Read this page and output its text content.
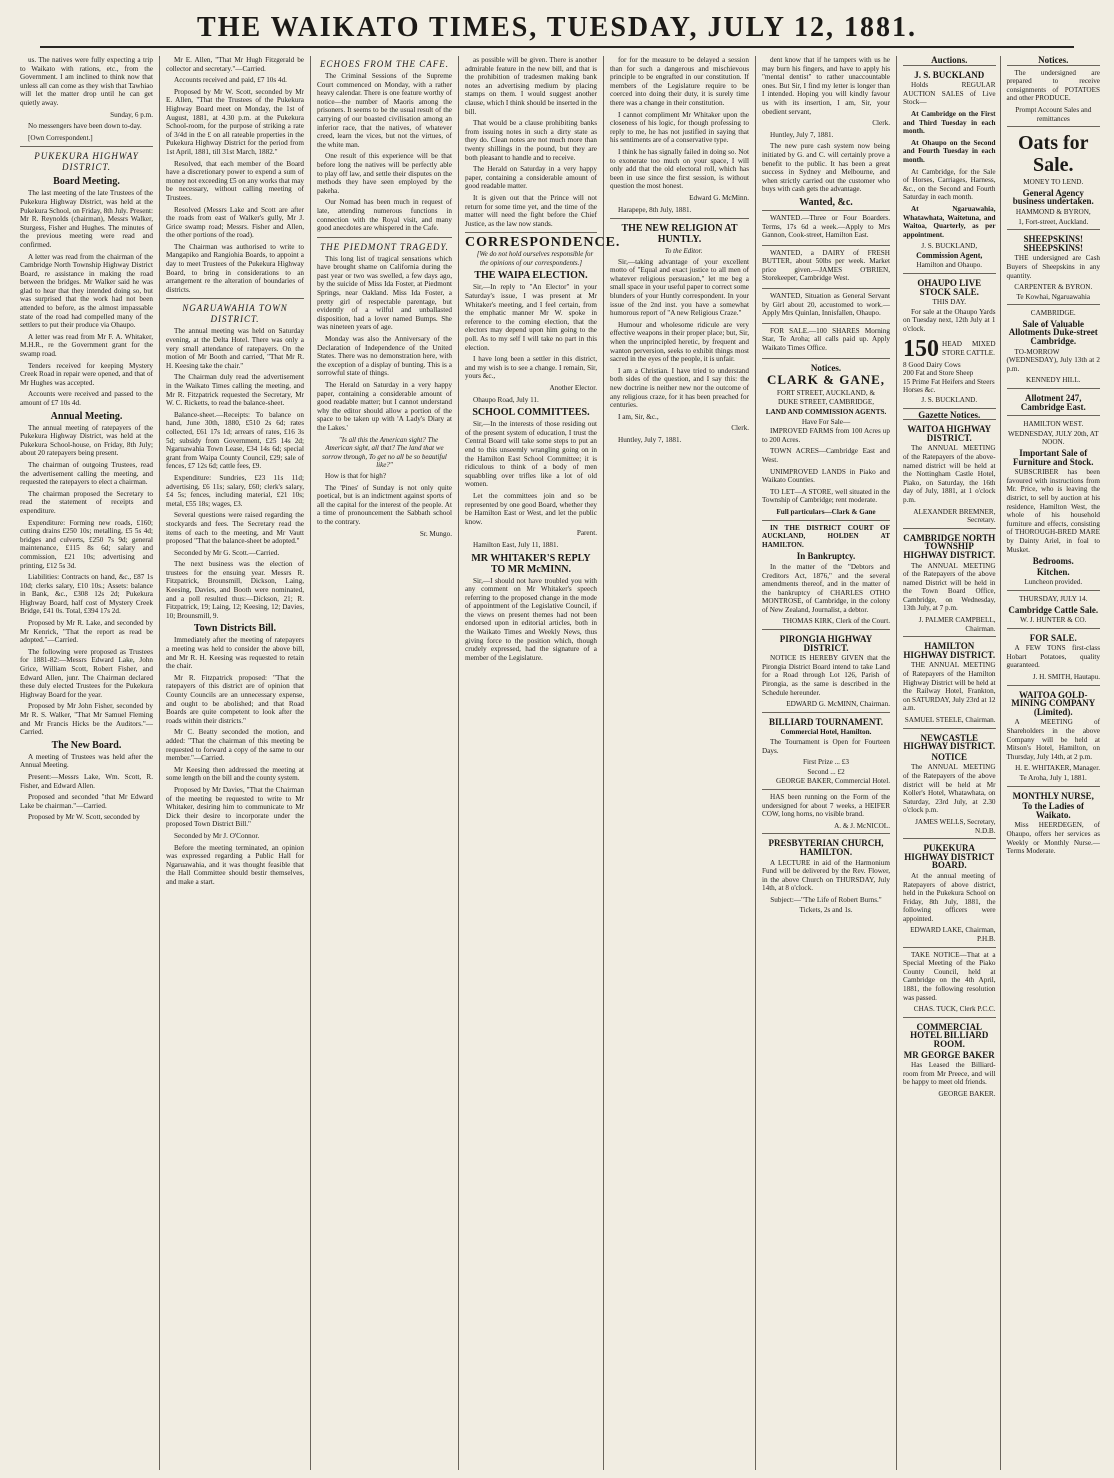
THE WAIKATO TIMES, TUESDAY, JULY 12, 1881.

us. The natives were fully expecting a trip to Waikato with rations, etc., from the Government. I am inclined to think now that unless all can come as they wish that Tawhiao will let the matter drop until he can get quietly away.

Sunday, 6 p.m.

No messengers have been down to-day.

[Own Correspondent.]

PUKEKURA HIGHWAY DISTRICT.
Board Meeting.

The last meeting of the late Trustees of the Pukekura Highway District, was held at the Pukekura School, on Friday, 8th July. Present: Mr R. Reynolds (chairman), Messrs Walker, Sturgess, Fisher and Hughes. The minutes of the previous meeting were read and confirmed.

A letter was read from the chairman of the Cambridge North Township Highway District Board, re assistance in making the road between the bridges. Mr Walker said he was glad to hear that they intended doing so, but was surprised that the work had not been attended to before, as the almost impassable state of the road had compelled many of the settlers to put their produce via Ohaupo.

A letter was read from Mr F. A. Whitaker, M.H.R., re the Government grant for the swamp road.

Tenders received for keeping Mystery Creek Road in repair were opened, and that of Mr Hughes was accepted.

Accounts were received and passed to the amount of £7 10s 4d.

Annual Meeting.

The annual meeting of ratepayers of the Pukekura Highway District, was held at the Pukekura School-house, on Friday, 8th July; about 20 ratepayers being present.

The chairman of outgoing Trustees, read the advertisement calling the meeting, and requested the ratepayers to elect a chairman.

The chairman proposed the Secretary to read the statement of receipts and expenditure.

Expenditure: Forming new roads, £160; cutting drains £250 10s; metalling, £5 5s 4d; bridges and culverts, £250 7s 9d; general maintenance, £115 8s 6d; salary and commission, £21 10s; advertising and printing, £12 5s 3d.

Liabilities: Contracts on hand, &c., £87 1s 10d; clerks salary, £10 10s.; Assets: balance in Bank, &c., £308 12s 2d; Pukekura Highway Board, half cost of Mystery Creek Bridge, £41 0s. Total, £394 17s 2d.

Proposed by Mr R. Lake, and seconded by Mr Kenrick, "That the report as read be adopted."—Carried.

The following were proposed as Trustees for 1881-82:—Messrs Edward Lake, John Grice, William Scott, Robert Fisher, and Edward Allen, junr. The Chairman declared these duly elected Trustees for the Pukekura Highway Board for the year.

Proposed by Mr John Fisher, seconded by Mr R. S. Walker, "That Mr Samuel Fleming and Mr Francis Hicks be the Auditors."—Carried.

The New Board.

A meeting of Trustees was held after the Annual Meeting.

Present:—Messrs Lake, Wm. Scott, R. Fisher, and Edward Allen.

Proposed and seconded "that Mr Edward Lake be chairman."—Carried.

Proposed by Mr W. Scott, seconded by

Mr E. Allen, "That Mr Hugh Fitzgerald be collector and secretary."—Carried.

Accounts received and paid, £7 10s 4d.

Proposed by Mr W. Scott, seconded by Mr E. Allen, "That the Trustees of the Pukekura Highway Board meet on Monday, the 1st of August, 1881, at 4.30 p.m. at the Pukekura School-room, for the purpose of striking a rate of 3/4d in the £ on all rateable properties in the Pukekura Highway District for the period from 1st April, 1881, till 31st March, 1882."

Resolved, that each member of the Board have a discretionary power to expend a sum of money not exceeding £5 on any works that may be necessary, without calling meeting of Trustees.

Resolved (Messrs Lake and Scott are after the roads from east of Walker's gully, Mr J. Grice swamp road; Messrs. Fisher and Allen, the other portions of the road).

The Chairman was authorised to write to Mangapiko and Rangiohia Boards, to appoint a day to meet Trustees of the Pukekura Highway Board, to bring in considerations to an arrangement re the alteration of boundaries of districts.

NGARUAWAHIA TOWN DISTRICT.

The annual meeting was held on Saturday evening, at the Delta Hotel. There was only a very small attendance of ratepayers. On the motion of Mr Booth and carried, "That Mr R. H. Keesing take the chair."

The Chairman duly read the advertisement in the Waikato Times calling the meeting, and Mr R. Fitzpatrick requested the Secretary, Mr W. C. Ricketts, to read the balance-sheet.

Balance-sheet.—Receipts: To balance on hand, June 30th, 1880, £510 2s 6d; rates collected, £61 17s 1d; arrears of rates, £16 3s 5d; subsidy from Government, £25 14s 2d; Ngaruawahia Town Lease, £34 14s 6d; special grant from Waipa County Council, £29; sale of fences, £7 12s 6d; cattle fees, £9.

Expenditure: Sundries, £23 11s 11d; advertising, £6 11s; salary, £60; clerk's salary, £4 5s; fences, including material, £21 10s; metal, £55 18s; wages, £3.

Several questions were raised regarding the stockyards and fees. The Secretary read the items of each to the meeting, and Mr Vautt proposed "That the balance-sheet be adopted."

Seconded by Mr G. Scott.—Carried.

The next business was the election of trustees for the ensuing year. Messrs R. Fitzpatrick, Brounsmill, Dickson, Laing, Keesing, Davies, and Booth were nominated, and a poll resulted thus:—Dickson, 21; R. Fitzpatrick, 19; Laing, 12; Keesing, 12; Davies, 10; Brounsmill, 9.

Town Districts Bill.

Immediately after the meeting of ratepayers a meeting was held to consider the above bill, and Mr R. H. Keesing was requested to retain the chair.

Mr R. Fitzpatrick proposed: "That the ratepayers of this district are of opinion that County Councils are an unnecessary expense, and ought to be abolished; and that Road Boards are quite competent to look after the roads within their districts."

Mr C. Beatty seconded the motion, and added: "That the chairman of this meeting be requested to forward a copy of the same to our member."—Carried.

Mr Keesing then addressed the meeting at some length on the bill and the county system.

Proposed by Mr Davies, "That the Chairman of the meeting be requested to write to Mr Whitaker, desiring him to communicate to Mr Dick their desire to incorporate under the proposed Town District Bill."

Seconded by Mr J. O'Connor.

Before the meeting terminated, an opinion was expressed regarding a Public Hall for Ngaruawahia, and it was thought feasible that the Hall Committee should bestir themselves, and make a start.

ECHOES FROM THE CAFE.

The Criminal Sessions of the Supreme Court commenced on Monday, with a rather heavy calendar. There is one feature worthy of notice—the number of Maoris among the prisoners. It seems to be the usual result of the carrying of our boasted civilisation among an inferior race, that the natives, of whatever creed, learn the vices, but not the virtues, of the white man.

One result of this experience will be that before long the natives will be perfectly able to play off law, and settle their disputes on the methods they have seen employed by the pakeha.

Our Nomad has been much in request of late, attending numerous functions in connection with the Royal visit, and many good anecdotes are whispered in the Cafe.

THE PIEDMONT TRAGEDY.

This long list of tragical sensations which have brought shame on California during the past year or two was swelled, a few days ago, by the suicide of Miss Ida Foster, at Piedmont Springs, near Oakland. Miss Ida Foster, a pretty girl of respectable parentage, but evidently of a wilful and unballasted disposition, had a lover named Bumps. She was nineteen years of age.

Monday was also the Anniversary of the Declaration of Independence of the United States. There was no demonstration here, with the exception of a display of bunting. This is a sorrowful state of things.

The Herald on Saturday in a very happy paper, containing a considerable amount of good readable matter; but I cannot understand why the editor should allow a portion of the space to be taken up with 'A Lady's Diary at the Lakes.'

"Is all this the American sight? The American sight, all that? The land that we sorrow through, To get no all be so beautiful like?"

How is that for high?

The 'Pines' of Sunday is not only quite poetical, but is an indictment against sports of all the capital for the interest of the people. At a time of pronouncement the Sabbath school to the contrary.

Sr. Mungo.

as possible will be given. There is another admirable feature in the new bill, and that is the prohibition of tradesmen making bank notes an advertising medium by placing stamps on them. I would suggest another clause, which I think should be inserted in the bill.

That would be a clause prohibiting banks from issuing notes in such a dirty state as they do. Clean notes are not much more than twenty shillings in the pound, but they are both pleasant to handle and to receive.

The Herald on Saturday in a very happy paper, containing a considerable amount of good readable matter.

It is given out that the Prince will not return for some time yet, and the time of the matter will need the fight before the Chief Justice, as the law now stands.

CORRESPONDENCE.

[We do not hold ourselves responsible for the opinions of our correspondents.]

THE WAIPA ELECTION.

Sir,—In reply to "An Elector" in your Saturday's issue, I was present at Mr Whitaker's meeting, and I feel certain, from the emphatic manner Mr W. spoke in reference to the coming election, that the electors may depend upon him going to the poll. As to my self I will take no part in this election.

I have long been a settler in this district, and my wish is to see a change. I remain, Sir, yours &c.,

Another Elector.

Ohaupo Road, July 11.

SCHOOL COMMITTEES.

Sir,—In the interests of those residing out of the present system of education, I trust the Central Board will take some steps to put an end to this unseemly wrangling going on in the Hamilton East School Committee; it is ridiculous to think of a body of men squabbling over trifles like a lot of old women.

Let the committees join and so be represented by one good Board, whether they be Hamilton East or West, and let the public know.

Parent.

Hamilton East, July 11, 1881.

MR WHITAKER'S REPLY TO MR McMINN.

Sir,—I should not have troubled you with any comment on Mr Whitaker's speech referring to the proposed change in the mode of appointment of the Legislative Council, if the views on present themes had not been endorsed upon in editorial articles, both in the Waikato Times and Weekly News, thus giving force to the position which, though crudely expressed, had the signature of a member of the Legislature.

for for the measure to be delayed a session than for such a dangerous and mischievous principle to be engrafted in our constitution. If members of the Legislature require to be coerced into doing their duty, it is surely time there was a change in their constitution.

I cannot compliment Mr Whitaker upon the closeness of his logic, for though professing to reply to me, he has not justified in saying that his sentiments are of a conservative type.

I think he has signally failed in doing so. Not to exonerate too much on your space, I will only add that the old electoral roll, which has been in use since the first session, is without question the most honest.

Edward G. McMinn.

Harapepe, 8th July, 1881.

THE NEW RELIGION AT HUNTLY.

To the Editor.

Sir,—taking advantage of your excellent motto of "Equal and exact justice to all men of whatever religious persuasion," let me beg a small space in your useful paper to correct some blunders of your Huntly correspondent. In your issue of the 2nd inst. you have a somewhat humorous report of "A new Religious Craze."

Humour and wholesome ridicule are very effective weapons in their proper place; but, Sir, when the unprincipled heretic, by frequent and wanton perversion, seeks to exhibit things most sacred in the eyes of the people, it is unfair.

I am a Christian. I have tried to understand both sides of the question, and I say this: the new doctrine is neither new nor the outcome of any religious craze, for it has been preached for centuries.

I am, Sir, &c.,

Clerk.

Huntley, July 7, 1881.

dent know that if he tampers with us he may burn his fingers, and have to apply his "mental dentist" to rather unaccountable ones. But Sir, I find my letter is longer than I intended. Hoping you will kindly favour us with its insertion, I am, Sir, your obedient servant,

Clerk.

Huntley, July 7, 1881.

The new pure cash system now being initiated by G. and C. will certainly prove a benefit to the public. It has been a great success in Sydney and Melbourne, and when strictly carried out the customer who buys with cash gets the advantage.

Wanted, &c.

WANTED.—Three or Four Boarders. Terms, 17s 6d a week.—Apply to Mrs Gannon, Cook-street, Hamilton East.

WANTED, a DAIRY of FRESH BUTTER, about 50lbs per week. Market price given.—JAMES O'BRIEN, Storekeeper, Cambridge West.

WANTED, Situation as General Servant by Girl about 20, accustomed to work.—Apply Mrs Quinlan, Innisfallen, Ohaupo.

FOR SALE.—100 SHARES Morning Star, Te Aroha; all calls paid up. Apply Waikato Times Office.

Notices.
CLARK & GANE,
FORT STREET, AUCKLAND, &
DUKE STREET, CAMBRIDGE,
LAND AND COMMISSION AGENTS.
Have For Sale—

IMPROVED FARMS from 100 Acres up to 200 Acres.

TOWN ACRES—Cambridge East and West.

UNIMPROVED LANDS in Piako and Waikato Counties.

TO LET—A STORE, well situated in the Township of Cambridge; rent moderate.

Full particulars—Clark & Gane

IN THE DISTRICT COURT OF AUCKLAND, HOLDEN AT HAMILTON.

In Bankruptcy.

In the matter of the "Debtors and Creditors Act, 1876," and the several amendments thereof, and in the matter of the bankruptcy of CHARLES OTHO MONTROSE, of Cambridge, in the colony of New Zealand, Journalist, a debtor.

THOMAS KIRK, Clerk of the Court.
PIRONGIA HIGHWAY DISTRICT.

NOTICE IS HEREBY GIVEN that the Pirongia District Board intend to take Land for a Road through Lot 126, Parish of Pirongia, as the same is described in the Schedule hereunder.

EDWARD G. McMINN, Chairman.
BILLIARD TOURNAMENT.
Commercial Hotel, Hamilton.

The Tournament is Open for Fourteen Days.

First Prize ... £3
Second ... £2
GEORGE BAKER, Commercial Hotel.

HAS been running on the Form of the undersigned for about 7 weeks, a HEIFER COW, long horns, no visible brand.

A. & J. McNICOL.
PRESBYTERIAN CHURCH, HAMILTON.

A LECTURE in aid of the Harmonium Fund will be delivered by the Rev. Flower, in the above Church on THURSDAY, July 14th, at 8 o'clock.

Subject:—"The Life of Robert Burns."
Tickets, 2s and 1s.
Auctions.
J. S. BUCKLAND

Holds REGULAR AUCTION SALES of Live Stock—

At Cambridge on the First and Third Tuesday in each month.

At Ohaupo on the Second and Fourth Tuesday in each month.

At Cambridge, for the Sale of Horses, Carriages, Harness, &c., on the Second and Fourth Saturday in each month.

At Ngaruawahia, Whatawhata, Waitetuna, and Waitoa, Quarterly, as per appointment.

J. S. BUCKLAND,
Commission Agent,
Hamilton and Ohaupo.
OHAUPO LIVE STOCK SALE.
THIS DAY.

For sale at the Ohaupo Yards on Tuesday next, 12th July at 1 o'clock.

150 HEAD MIXED STORE CATTLE.
8 Good Dairy Cows
200 Fat and Store Sheep
15 Prime Fat Heifers and Steers
Horses &c.
J. S. BUCKLAND.
Gazette Notices.
WAITOA HIGHWAY DISTRICT.

The ANNUAL MEETING of the Ratepayers of the above-named district will be held at the Nottingham Castle Hotel, Piako, on Saturday, the 16th day of July, 1881, at 1 o'clock p.m.

ALEXANDER BREMNER, Secretary.
CAMBRIDGE NORTH TOWNSHIP HIGHWAY DISTRICT.

The ANNUAL MEETING of the Ratepayers of the above named District will be held in the Town Board Office, Cambridge, on Wednesday, 13th July, at 7 p.m.

J. PALMER CAMPBELL, Chairman.
HAMILTON HIGHWAY DISTRICT.

THE ANNUAL MEETING of Ratepayers of the Hamilton Highway District will be held at the Railway Hotel, Frankton, on SATURDAY, July 23rd at 12 a.m.

SAMUEL STEELE, Chairman.
NEWCASTLE HIGHWAY DISTRICT.
NOTICE

The ANNUAL MEETING of the Ratepayers of the above district will be held at Mr Koller's Hotel, Whatawhata, on Saturday, 23rd July, at 2.30 o'clock p.m.

JAMES WELLS, Secretary, N.D.B.
PUKEKURA HIGHWAY DISTRICT BOARD.

At the annual meeting of Ratepayers of above district, held in the Pukekura School on Friday, 8th July, 1881, the following officers were appointed.

EDWARD LAKE, Chairman, P.H.B.

TAKE NOTICE—That at a Special Meeting of the Piako County Council, held at Cambridge on the 4th April, 1881, the following resolution was passed.

CHAS. TUCK, Clerk P.C.C.
COMMERCIAL HOTEL BILLIARD ROOM.
MR GEORGE BAKER

Has Leased the Billiard-room from Mr Preece, and will be happy to meet old friends.

GEORGE BAKER.
Notices.

The undersigned are prepared to receive consignments of POTATOES and other PRODUCE.

Prompt Account Sales and remittances
Oats for Sale.
MONEY TO LEND.
General Agency business undertaken.
HAMMOND & BYRON,
1, Fort-street, Auckland.
SHEEPSKINS! SHEEPSKINS!

THE undersigned are Cash Buyers of Sheepskins in any quantity.

CARPENTER & BYRON.
Te Kowhai, Ngaruawahia
CAMBRIDGE.
Sale of Valuable Allotments Duke-street Cambridge.

TO-MORROW (WEDNESDAY), July 13th at 2 p.m.

KENNEDY HILL.
Allotment 247, Cambridge East.
HAMILTON WEST.
WEDNESDAY, JULY 20th, AT NOON.
Important Sale of Furniture and Stock.

SUBSCRIBER has been favoured with instructions from Mr. Price, who is leaving the district, to sell by auction at his residence, Hamilton West, the whole of his household furniture and effects, consisting of THOROUGH-BRED MARE by Dainty Ariel, in foal to Musket.

Bedrooms.
Kitchen.
Luncheon provided.
THURSDAY, JULY 14.
Cambridge Cattle Sale.
W. J. HUNTER & CO.
FOR SALE.

A FEW TONS first-class Hobart Potatoes, quality guaranteed.

J. H. SMITH, Hautapu.
WAITOA GOLD-MINING COMPANY (Limited).

A MEETING of Shareholders in the above Company will be held at Mitson's Hotel, Hamilton, on Thursday, July 14th, at 2 p.m.

H. E. WHITAKER, Manager.
Te Aroha, July 1, 1881.
MONTHLY NURSE,
To the Ladies of Waikato.

Miss HEERDEGEN, of Ohaupo, offers her services as Weekly or Monthly Nurse.—Terms Moderate.
